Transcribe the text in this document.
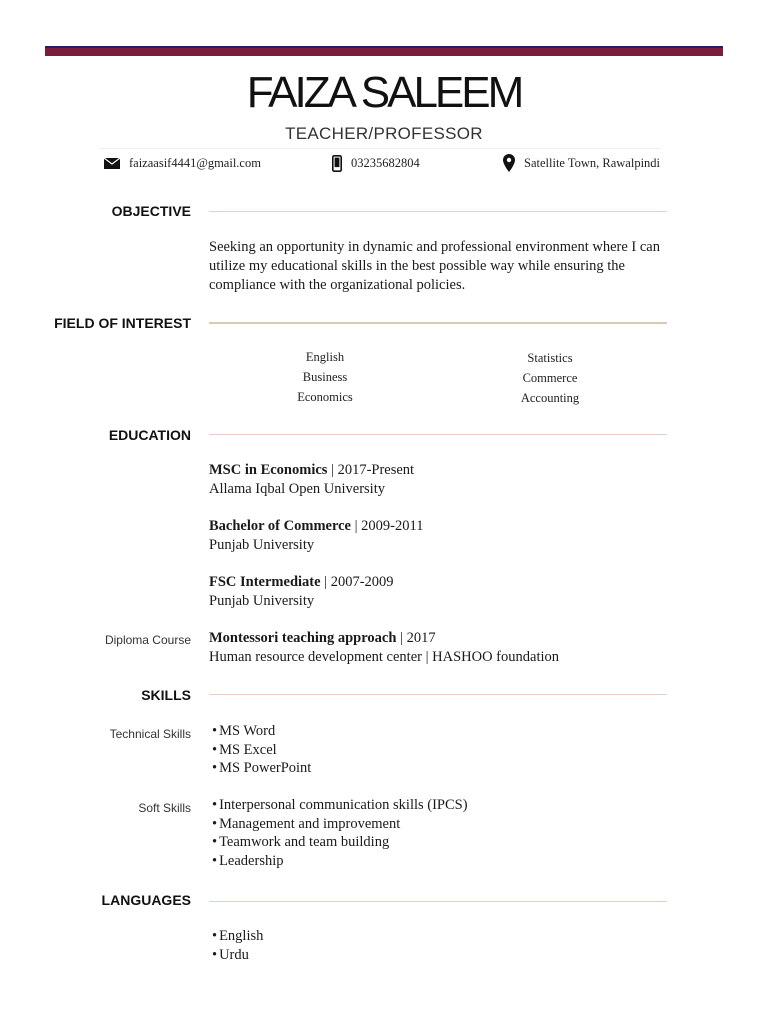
FAIZA SALEEM
TEACHER/PROFESSOR
faizaasif4441@gmail.com	03235682804	Satellite Town, Rawalpindi
OBJECTIVE
Seeking an opportunity in dynamic and professional environment where I can utilize my educational skills in the best possible way while ensuring the compliance with the organizational policies.
FIELD OF INTEREST
English
Business
Economics
Statistics
Commerce
Accounting
EDUCATION
MSC in Economics | 2017-Present
Allama Iqbal Open University
Bachelor of Commerce | 2009-2011
Punjab University
FSC Intermediate | 2007-2009
Punjab University
Diploma Course Montessori teaching approach | 2017
Human resource development center | HASHOO foundation
SKILLS
Technical Skills	• MS Word
• MS Excel
• MS PowerPoint
Soft Skills	• Interpersonal communication skills (IPCS)
• Management and improvement
• Teamwork and team building
• Leadership
LANGUAGES
• English
• Urdu
